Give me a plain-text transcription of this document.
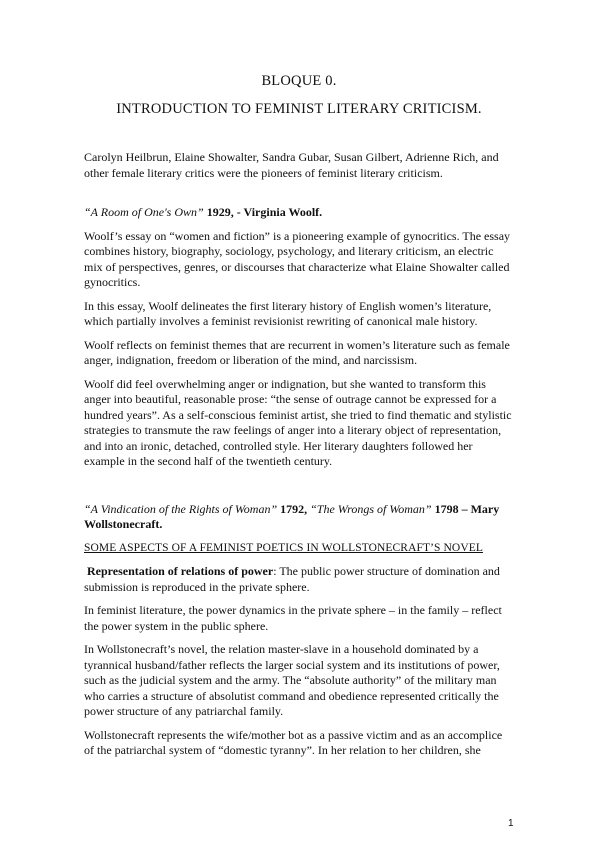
BLOQUE 0.
INTRODUCTION TO FEMINIST LITERARY CRITICISM.

Carolyn Heilbrun, Elaine Showalter, Sandra Gubar, Susan Gilbert, Adrienne Rich, and other female literary critics were the pioneers of feminist literary criticism.

“A Room of One's Own” 1929, - Virginia Woolf.

Woolf’s essay on “women and fiction” is a pioneering example of gynocritics. The essay combines history, biography, sociology, psychology, and literary criticism, an electric mix of perspectives, genres, or discourses that characterize what Elaine Showalter called gynocritics.

In this essay, Woolf delineates the first literary history of English women’s literature, which partially involves a feminist revisionist rewriting of canonical male history.

Woolf reflects on feminist themes that are recurrent in women’s literature such as female anger, indignation, freedom or liberation of the mind, and narcissism.

Woolf did feel overwhelming anger or indignation, but she wanted to transform this anger into beautiful, reasonable prose: “the sense of outrage cannot be expressed for a hundred years”. As a self-conscious feminist artist, she tried to find thematic and stylistic strategies to transmute the raw feelings of anger into a literary object of representation, and into an ironic, detached, controlled style. Her literary daughters followed her example in the second half of the twentieth century.

“A Vindication of the Rights of Woman” 1792, “The Wrongs of Woman” 1798 – Mary Wollstonecraft.

SOME ASPECTS OF A FEMINIST POETICS IN WOLLSTONECRAFT’S NOVEL

Representation of relations of power: The public power structure of domination and submission is reproduced in the private sphere.

In feminist literature, the power dynamics in the private sphere – in the family – reflect the power system in the public sphere.

In Wollstonecraft’s novel, the relation master-slave in a household dominated by a tyrannical husband/father reflects the larger social system and its institutions of power, such as the judicial system and the army. The “absolute authority” of the military man who carries a structure of absolutist command and obedience represented critically the power structure of any patriarchal family.

Wollstonecraft represents the wife/mother bot as a passive victim and as an accomplice of the patriarchal system of “domestic tyranny”. In her relation to her children, she

1
